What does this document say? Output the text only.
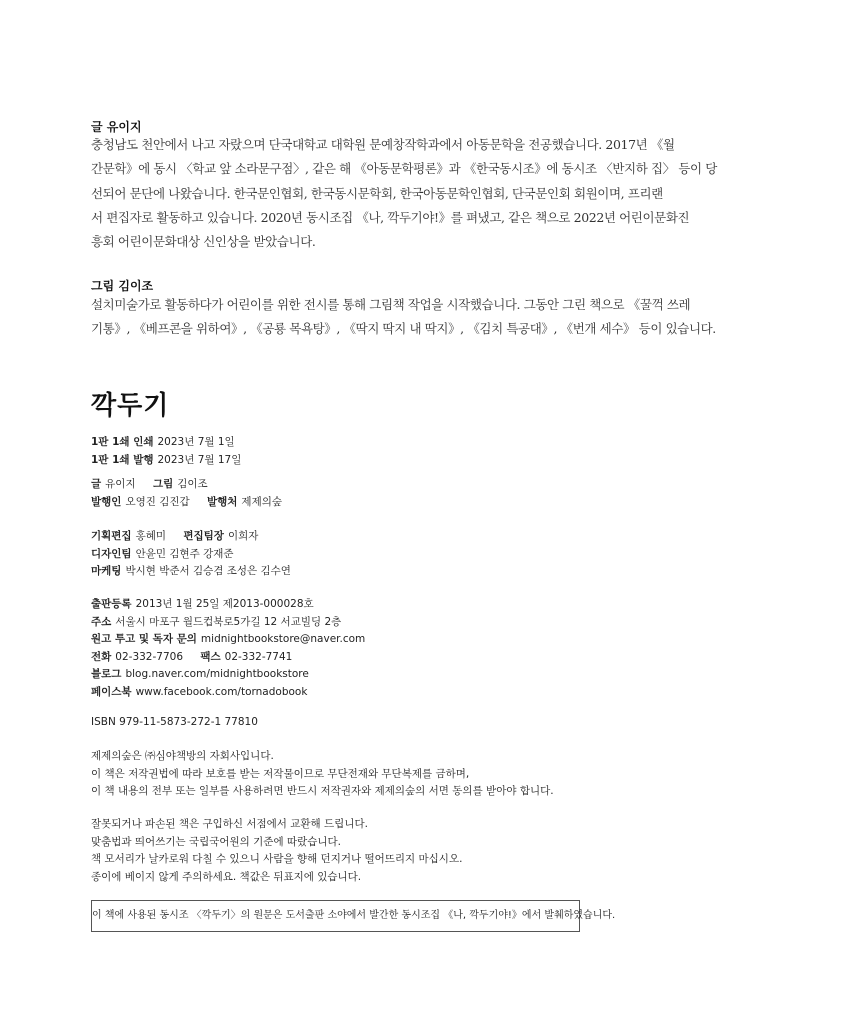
글 유이지
충청남도 천안에서 나고 자랐으며 단국대학교 대학원 문예창작학과에서 아동문학을 전공했습니다. 2017년 《월
간문학》에 동시 〈학교 앞 소라문구점〉, 같은 해 《아동문학평론》과 《한국동시조》에 동시조 〈반지하 집〉 등이 당
선되어 문단에 나왔습니다. 한국문인협회, 한국동시문학회, 한국아동문학인협회, 단국문인회 회원이며, 프리랜
서 편집자로 활동하고 있습니다. 2020년 동시조집 《나, 깍두기야!》를 펴냈고, 같은 책으로 2022년 어린이문화진
흥회 어린이문화대상 신인상을 받았습니다.
그림 김이조
설치미술가로 활동하다가 어린이를 위한 전시를 통해 그림책 작업을 시작했습니다. 그동안 그린 책으로 《꿀꺽 쓰레
기통》, 《베프콘을 위하여》, 《공룡 목욕탕》, 《딱지 딱지 내 딱지》, 《김치 특공대》, 《번개 세수》 등이 있습니다.
깍두기
1판 1쇄 인쇄 2023년 7월 1일
1판 1쇄 발행 2023년 7월 17일
글 유이지 그림 김이조
발행인 오영진 김진갑 발행처 제제의숲
기획편집 홍혜미 편집팀장 이희자
디자인팀 안윤민 김현주 강재준
마케팅 박시현 박준서 김승겸 조성은 김수연
출판등록 2013년 1월 25일 제2013-000028호
주소 서울시 마포구 월드컵북로5가길 12 서교빌딩 2층
원고 투고 및 독자 문의 midnightbookstore@naver.com
전화 02-332-7706 팩스 02-332-7741
블로그 blog.naver.com/midnightbookstore
페이스북 www.facebook.com/tornadobook
ISBN 979-11-5873-272-1 77810
제제의숲은 ㈜심야책방의 자회사입니다.
이 책은 저작권법에 따라 보호를 받는 저작물이므로 무단전재와 무단복제를 금하며,
이 책 내용의 전부 또는 일부를 사용하려면 반드시 저작권자와 제제의숲의 서면 동의를 받아야 합니다.
잘못되거나 파손된 책은 구입하신 서점에서 교환해 드립니다.
맞춤법과 띄어쓰기는 국립국어원의 기준에 따랐습니다.
책 모서리가 날카로워 다칠 수 있으니 사람을 향해 던지거나 떨어뜨리지 마십시오.
종이에 베이지 않게 주의하세요. 책값은 뒤표지에 있습니다.
이 책에 사용된 동시조 〈깍두기〉의 원문은 도서출판 소야에서 발간한 동시조집 《나, 깍두기야!》에서 발췌하였습니다.
